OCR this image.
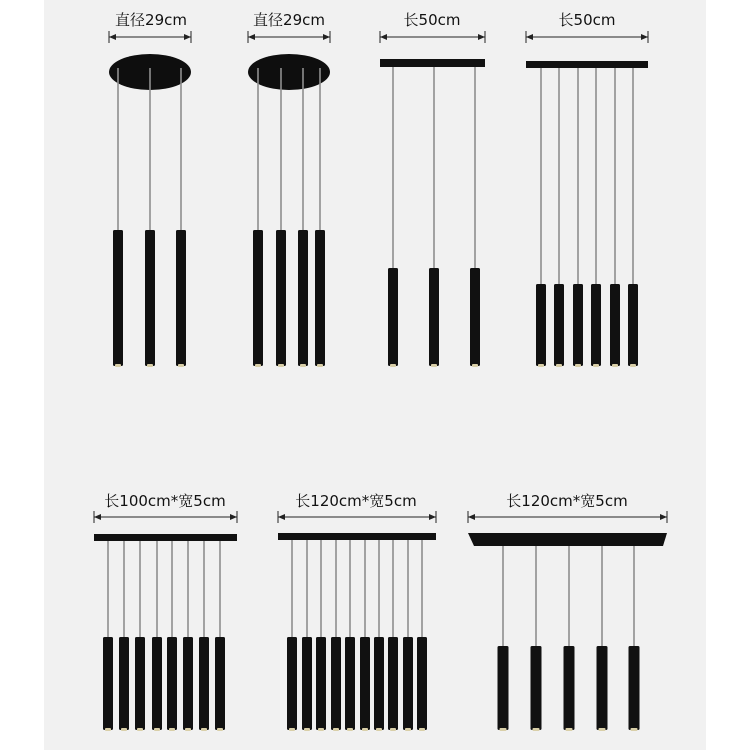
直径29cm	直径29cm	长50cm	长50cm
长100cm*宽5cm	长120cm*宽5cm	长120cm*宽5cm
